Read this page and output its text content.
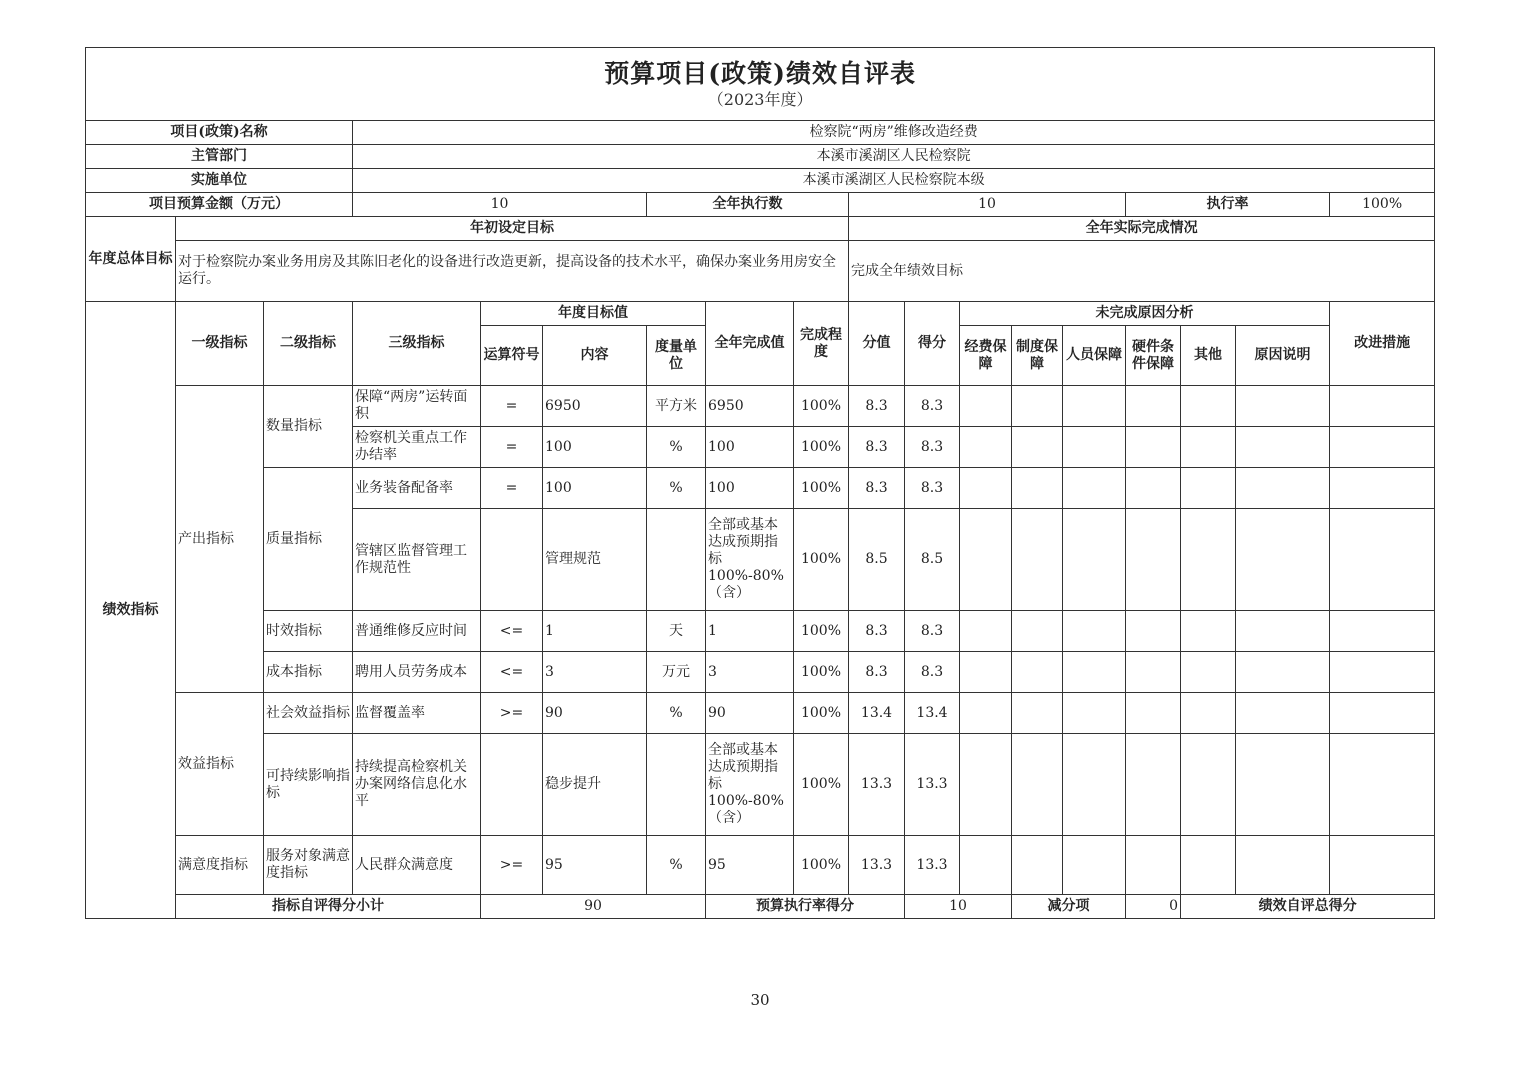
预算项目(政策)绩效自评表
（2023年度）																		

项目(政策)名称			检察院“两房”维修改造经费															
主管部门			本溪市溪湖区人民检察院															
实施单位			本溪市溪湖区人民检察院本级															
项目预算金额（万元）			10			全年执行数			10					执行率			100%	
年度总体目标	年初设定目标								全年实际完成情况									
	对于检察院办案业务用房及其陈旧老化的设备进行改造更新，提高设备的技术水平，确保办案业务用房安全运行。								完成全年绩效目标									
绩效指标	一级指标	二级指标	三级指标	年度目标值			全年完成值	完成程度	分值	得分	未完成原因分析						改进措施	
				运算符号	内容	度量单位					经费保障	制度保障	人员保障	硬件条件保障	其他	原因说明		
	产出指标	数量指标	保障“两房”运转面积	=	6950	平方米	6950	100%	8.3	8.3								
			检察机关重点工作办结率	=	100	%	100	100%	8.3	8.3								
		质量指标	业务装备配备率	=	100	%	100	100%	8.3	8.3								
			管辖区监督管理工作规范性		管理规范		全部或基本达成预期指标100%-80%（含）	100%	8.5	8.5								
		时效指标	普通维修反应时间	<=	1	天	1	100%	8.3	8.3								
		成本指标	聘用人员劳务成本	<=	3	万元	3	100%	8.3	8.3								
	效益指标	社会效益指标	监督覆盖率	>=	90	%	90	100%	13.4	13.4								
		可持续影响指标	持续提高检察机关办案网络信息化水平		稳步提升		全部或基本达成预期指标100%-80%（含）	100%	13.3	13.3								
	满意度指标	服务对象满意度指标	人民群众满意度	>=	95	%	95	100%	13.3	13.3								
	指标自评得分小计			90			预算执行率得分			10		减分项		0	绩效自评总得分	
30
